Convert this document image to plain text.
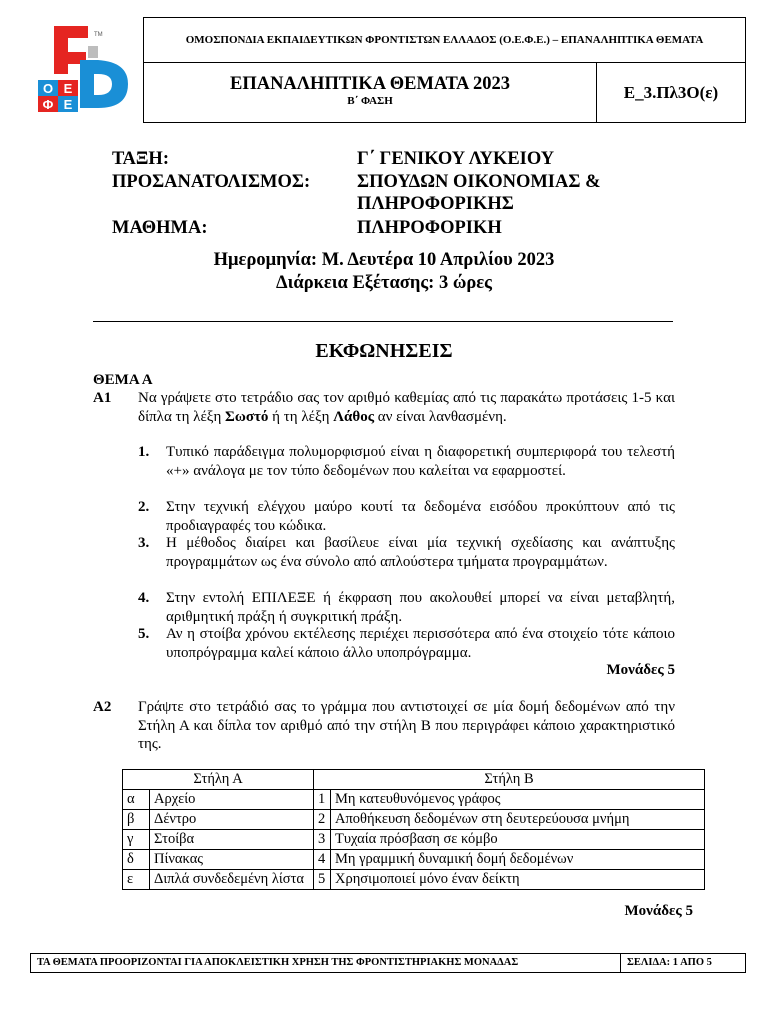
Ο Ε
Φ Ε
TM	ΟΜΟΣΠΟΝΔΙΑ ΕΚΠΑΙΔΕΥΤΙΚΩΝ ΦΡΟΝΤΙΣΤΩΝ ΕΛΛΑΔΟΣ (Ο.Ε.Φ.Ε.) – ΕΠΑΝΑΛΗΠΤΙΚΑ ΘΕΜΑΤΑ
ΕΠΑΝΑΛΗΠΤΙΚΑ ΘΕΜΑΤΑ 2023
Β΄ ΦΑΣΗ	Ε_3.Πλ3Ο(ε)
ΤΑΞΗ:	Γ΄ ΓΕΝΙΚΟΥ ΛΥΚΕΙΟΥ
ΠΡΟΣΑΝΑΤΟΛΙΣΜΟΣ:	ΣΠΟΥΔΩΝ ΟΙΚΟΝΟΜΙΑΣ & ΠΛΗΡΟΦΟΡΙΚΗΣ
ΜΑΘΗΜΑ:	ΠΛΗΡΟΦΟΡΙΚΗ
Ημερομηνία: Μ. Δευτέρα 10 Απριλίου 2023
Διάρκεια Εξέτασης: 3 ώρες
ΕΚΦΩΝΗΣΕΙΣ
ΘΕΜΑ Α
Α1 Να γράψετε στο τετράδιο σας τον αριθμό καθεμίας από τις παρακάτω προτάσεις 1-5 και δίπλα τη λέξη Σωστό ή τη λέξη Λάθος αν είναι λανθασμένη.
1.	Τυπικό παράδειγμα πολυμορφισμού είναι η διαφορετική συμπεριφορά του τελεστή «+» ανάλογα με τον τύπο δεδομένων που καλείται να εφαρμοστεί.
2.	Στην τεχνική ελέγχου μαύρο κουτί τα δεδομένα εισόδου προκύπτουν από τις προδιαγραφές του κώδικα.
3.	Η μέθοδος διαίρει και βασίλευε είναι μία τεχνική σχεδίασης και ανάπτυξης προγραμμάτων ως ένα σύνολο από απλούστερα τμήματα προγραμμάτων.
4.	Στην εντολή ΕΠΙΛΕΞΕ ή έκφραση που ακολουθεί μπορεί να είναι μεταβλητή, αριθμητική πράξη ή συγκριτική πράξη.
5.	Αν η στοίβα χρόνου εκτέλεσης περιέχει περισσότερα από ένα στοιχείο τότε κάποιο υποπρόγραμμα καλεί κάποιο άλλο υποπρόγραμμα.
Μονάδες 5
Α2 Γράψτε στο τετράδιό σας το γράμμα που αντιστοιχεί σε μία δομή δεδομένων από την Στήλη Α και δίπλα τον αριθμό από την στήλη Β που περιγράφει κάποιο χαρακτηριστικό της.
Στήλη Α		Στήλη Β	
α	Αρχείο	1	Μη κατευθυνόμενος γράφος
β	Δέντρο	2	Αποθήκευση δεδομένων στη δευτερεύουσα μνήμη
γ	Στοίβα	3	Τυχαία πρόσβαση σε κόμβο
δ	Πίνακας	4	Μη γραμμική δυναμική δομή δεδομένων
ε	Διπλά συνδεδεμένη λίστα	5	Χρησιμοποιεί μόνο έναν δείκτη
Μονάδες 5
ΤΑ ΘΕΜΑΤΑ ΠΡΟΟΡΙΖΟΝΤΑΙ ΓΙΑ ΑΠΟΚΛΕΙΣΤΙΚΗ ΧΡΗΣΗ ΤΗΣ ΦΡΟΝΤΙΣΤΗΡΙΑΚΗΣ ΜΟΝΑΔΑΣ	ΣΕΛΙΔΑ: 1 ΑΠΟ 5
